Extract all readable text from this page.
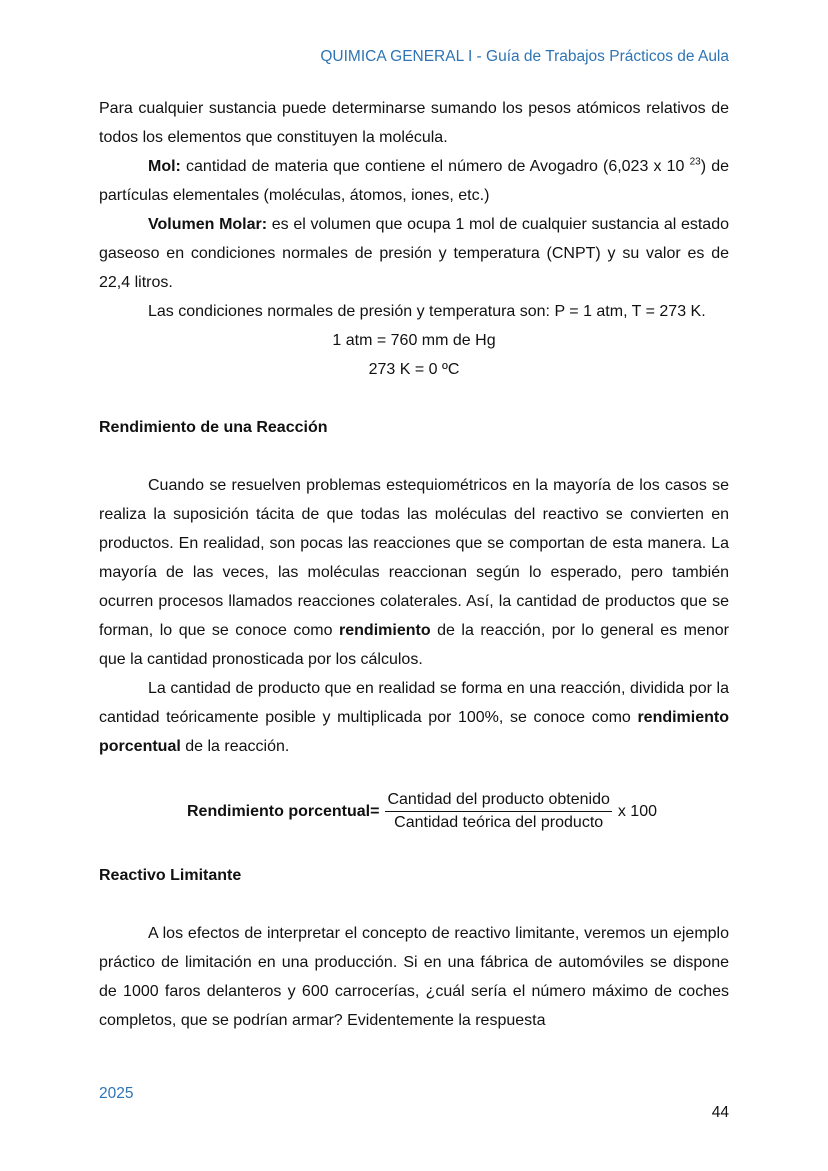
QUIMICA GENERAL I - Guía de Trabajos Prácticos de Aula

Para cualquier sustancia puede determinarse sumando los pesos atómicos relativos de todos los elementos que constituyen la molécula.

Mol: cantidad de materia que contiene el número de Avogadro (6,023 x 10 $^{23}$) de partículas elementales (moléculas, átomos, iones, etc.)

Volumen Molar: es el volumen que ocupa 1 mol de cualquier sustancia al estado gaseoso en condiciones normales de presión y temperatura (CNPT) y su valor es de 22,4 litros.

Las condiciones normales de presión y temperatura son: P = 1 atm, T = 273 K.

1 atm = 760 mm de Hg

273 K = 0 ºC

Rendimiento de una Reacción

Cuando se resuelven problemas estequiométricos en la mayoría de los casos se realiza la suposición tácita de que todas las moléculas del reactivo se convierten en productos. En realidad, son pocas las reacciones que se comportan de esta manera. La mayoría de las veces, las moléculas reaccionan según lo esperado, pero también ocurren procesos llamados reacciones colaterales. Así, la cantidad de productos que se forman, lo que se conoce como rendimiento de la reacción, por lo general es menor que la cantidad pronosticada por los cálculos.

La cantidad de producto que en realidad se forma en una reacción, dividida por la cantidad teóricamente posible y multiplicada por 100%, se conoce como rendimiento porcentual de la reacción.

Rendimiento porcentual= $\frac{\text{Cantidad del producto obtenido}}{\text{Cantidad teórica del producto}}$ x 100

Reactivo Limitante

A los efectos de interpretar el concepto de reactivo limitante, veremos un ejemplo práctico de limitación en una producción. Si en una fábrica de automóviles se dispone de 1000 faros delanteros y 600 carrocerías, ¿cuál sería el número máximo de coches completos, que se podrían armar? Evidentemente la respuesta

2025
44
